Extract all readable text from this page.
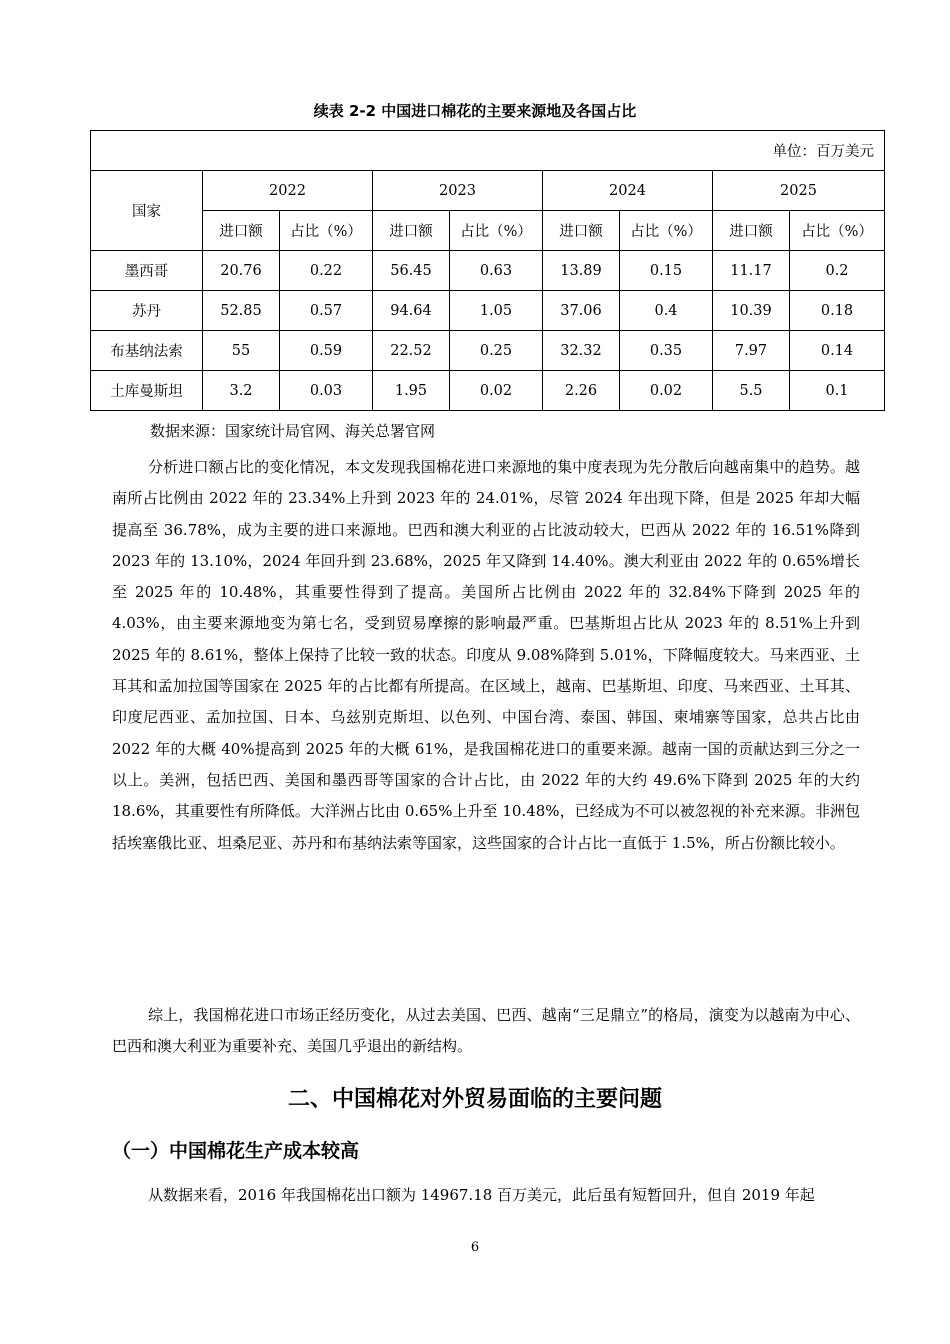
续表 2-2 中国进口棉花的主要来源地及各国占比
单位：百万美元								
国家	2022		2023		2024		2025	
	进口额	占比（%）	进口额	占比（%）	进口额	占比（%）	进口额	占比（%）
墨西哥	20.76	0.22	56.45	0.63	13.89	0.15	11.17	0.2
苏丹	52.85	0.57	94.64	1.05	37.06	0.4	10.39	0.18
布基纳法索	55	0.59	22.52	0.25	32.32	0.35	7.97	0.14
土库曼斯坦	3.2	0.03	1.95	0.02	2.26	0.02	5.5	0.1
数据来源：国家统计局官网、海关总署官网
分析进口额占比的变化情况，本文发现我国棉花进口来源地的集中度表现为先分散后向越南集中的趋势。越南所占比例由 2022 年的 23.34%上升到 2023 年的 24.01%，尽管 2024 年出现下降，但是 2025 年却大幅提高至 36.78%，成为主要的进口来源地。巴西和澳大利亚的占比波动较大，巴西从 2022 年的 16.51%降到 2023 年的 13.10%，2024 年回升到 23.68%，2025 年又降到 14.40%。澳大利亚由 2022 年的 0.65%增长至 2025 年的 10.48%，其重要性得到了提高。美国所占比例由 2022 年的 32.84%下降到 2025 年的 4.03%，由主要来源地变为第七名，受到贸易摩擦的影响最严重。巴基斯坦占比从 2023 年的 8.51%上升到 2025 年的 8.61%，整体上保持了比较一致的状态。印度从 9.08%降到 5.01%，下降幅度较大。马来西亚、土耳其和孟加拉国等国家在 2025 年的占比都有所提高。在区域上，越南、巴基斯坦、印度、马来西亚、土耳其、印度尼西亚、孟加拉国、日本、乌兹别克斯坦、以色列、中国台湾、泰国、韩国、柬埔寨等国家，总共占比由 2022 年的大概 40%提高到 2025 年的大概 61%，是我国棉花进口的重要来源。越南一国的贡献达到三分之一以上。美洲，包括巴西、美国和墨西哥等国家的合计占比，由 2022 年的大约 49.6%下降到 2025 年的大约 18.6%，其重要性有所降低。大洋洲占比由 0.65%上升至 10.48%，已经成为不可以被忽视的补充来源。非洲包括埃塞俄比亚、坦桑尼亚、苏丹和布基纳法索等国家，这些国家的合计占比一直低于 1.5%，所占份额比较小。
综上，我国棉花进口市场正经历变化，从过去美国、巴西、越南“三足鼎立”的格局，演变为以越南为中心、巴西和澳大利亚为重要补充、美国几乎退出的新结构。
二、中国棉花对外贸易面临的主要问题
（一）中国棉花生产成本较高
从数据来看，2016 年我国棉花出口额为 14967.18 百万美元，此后虽有短暂回升，但自 2019 年起
6
